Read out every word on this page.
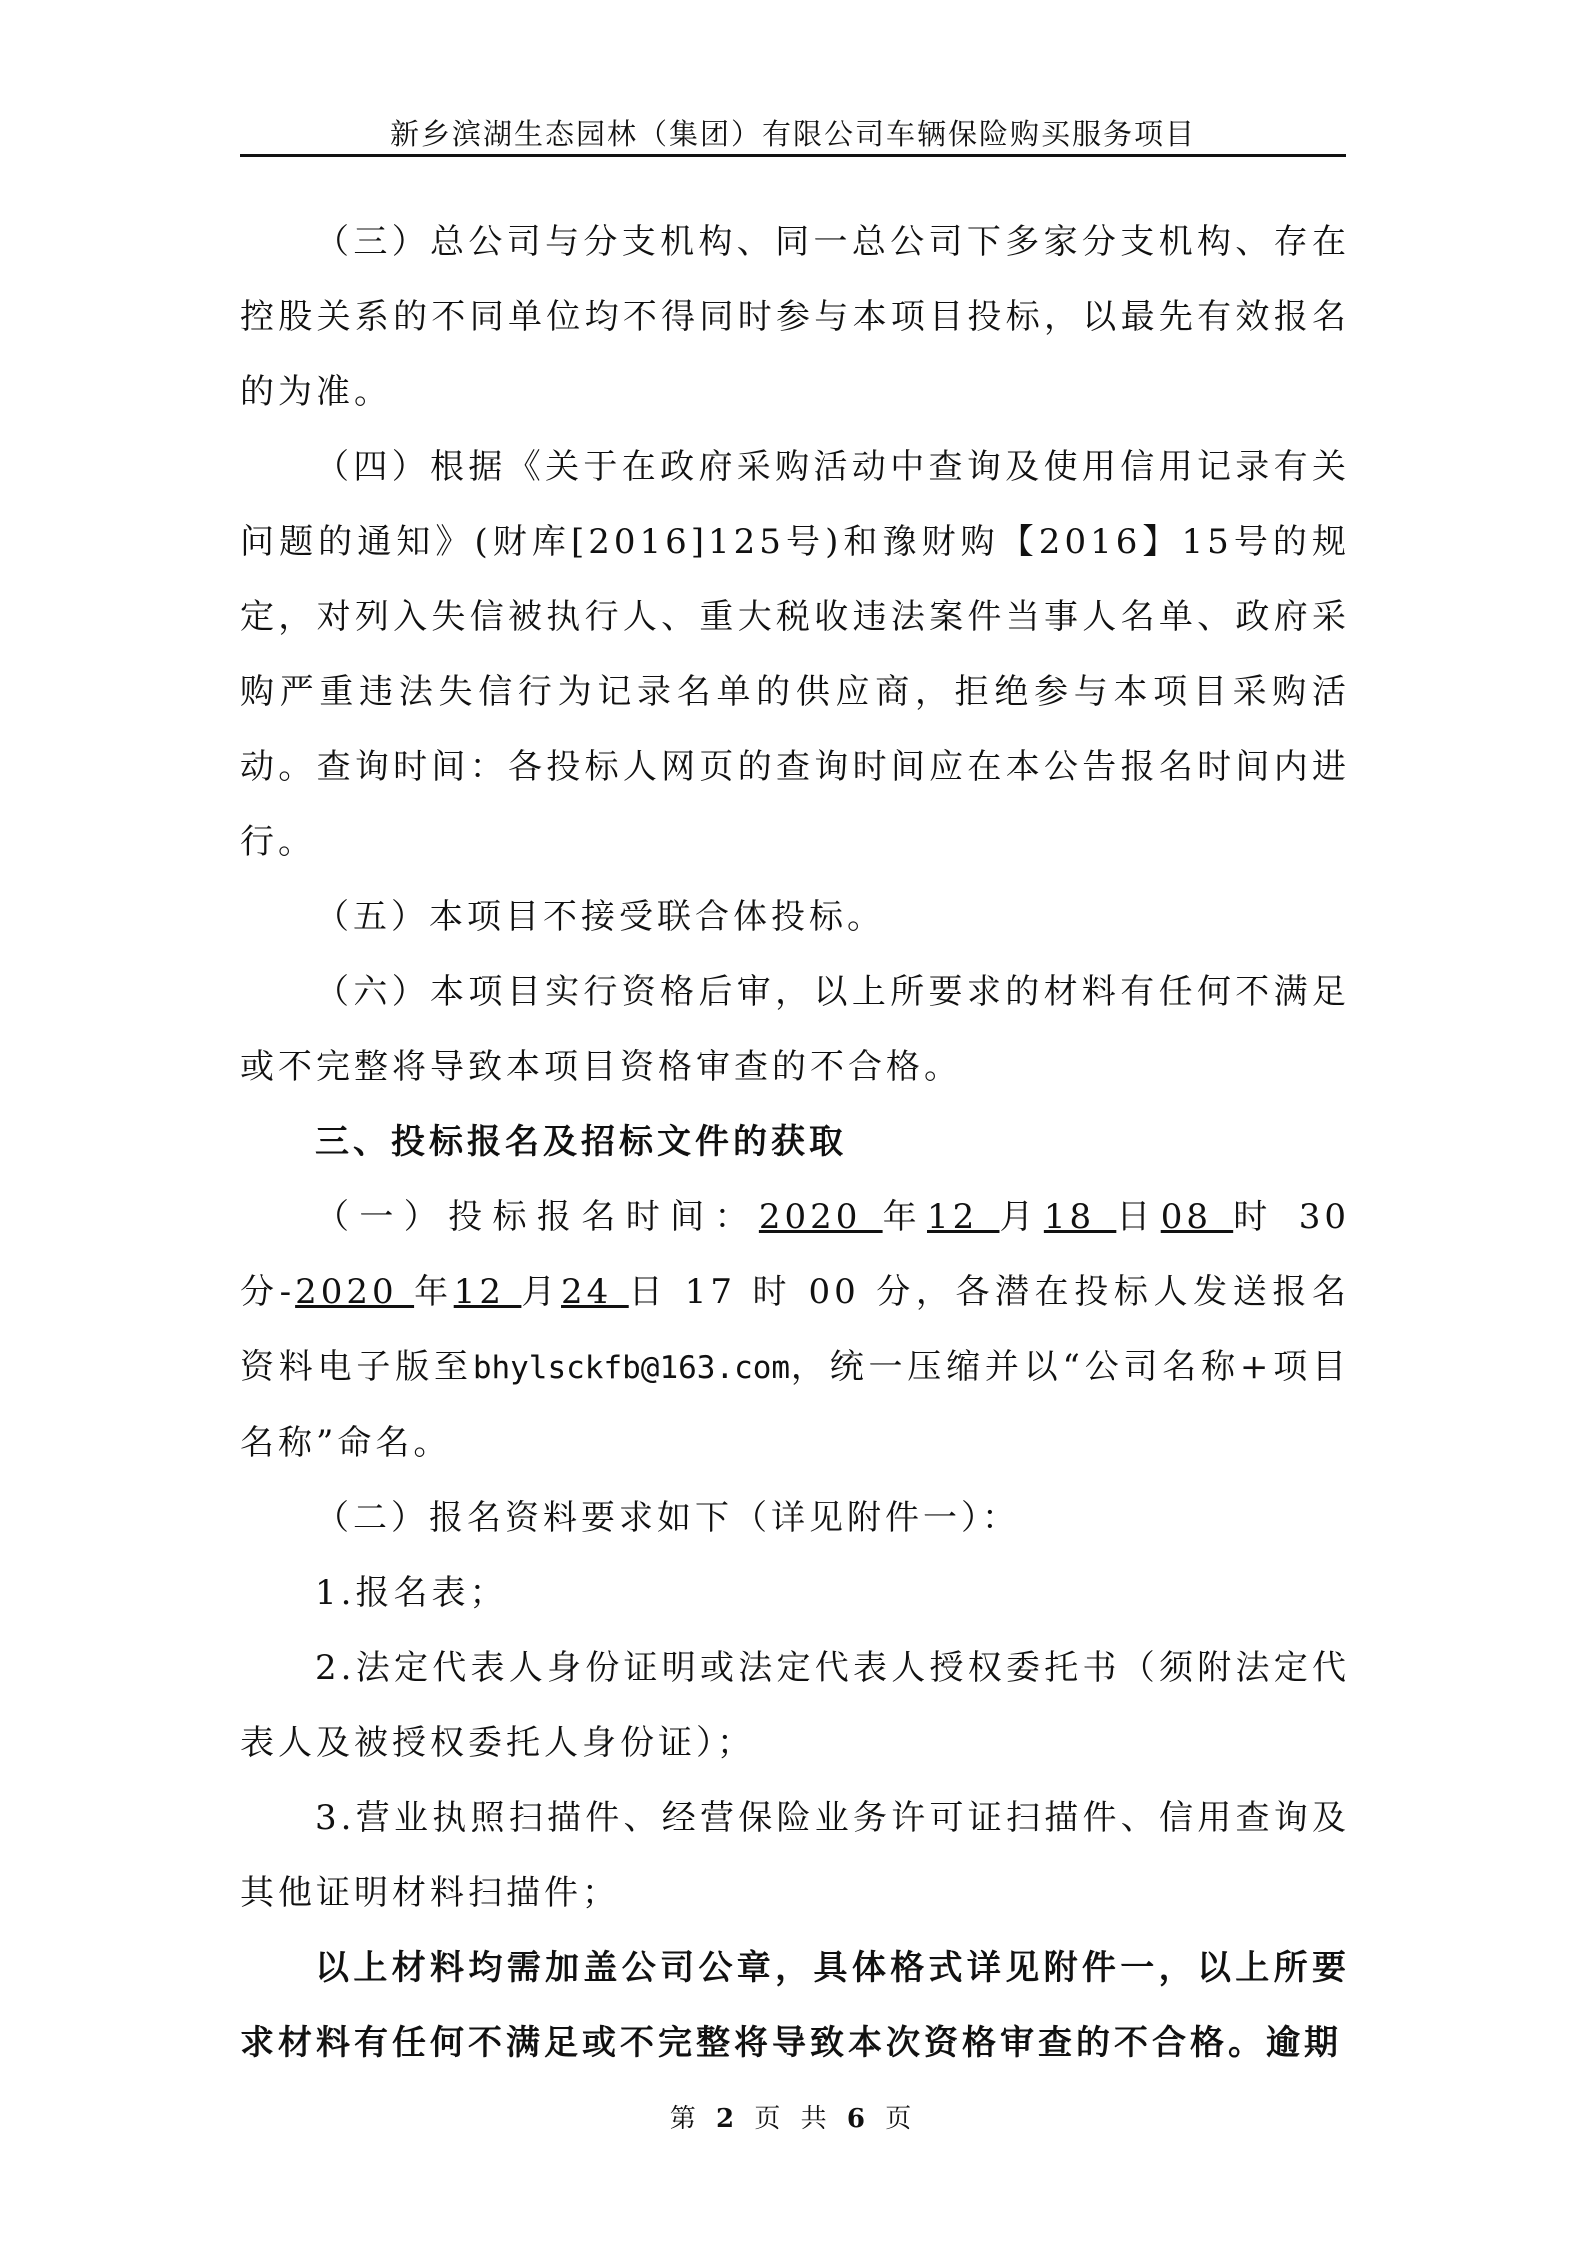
新乡滨湖生态园林（集团）有限公司车辆保险购买服务项目

（三）总公司与分支机构、同一总公司下多家分支机构、存在控股关系的不同单位均不得同时参与本项目投标，以最先有效报名的为准。

（四）根据《关于在政府采购活动中查询及使用信用记录有关问题的通知》(财库[2016]125号)和豫财购【2016】15号的规定，对列入失信被执行人、重大税收违法案件当事人名单、政府采购严重违法失信行为记录名单的供应商，拒绝参与本项目采购活动。查询时间：各投标人网页的查询时间应在本公告报名时间内进行。

（五）本项目不接受联合体投标。

（六）本项目实行资格后审，以上所要求的材料有任何不满足或不完整将导致本项目资格审查的不合格。

三、投标报名及招标文件的获取

（一）投标报名时间：2020 年12 月18 日08 时 30 分-2020 年12 月24 日 17 时 00 分，各潜在投标人发送报名资料电子版至bhylsckfb@163.com，统一压缩并以“公司名称+项目名称”命名。

（二）报名资料要求如下（详见附件一）：

1.报名表；

2.法定代表人身份证明或法定代表人授权委托书（须附法定代表人及被授权委托人身份证）；

3.营业执照扫描件、经营保险业务许可证扫描件、信用查询及其他证明材料扫描件；

以上材料均需加盖公司公章，具体格式详见附件一，以上所要求材料有任何不满足或不完整将导致本次资格审查的不合格。逾期

第 2 页 共 6 页
